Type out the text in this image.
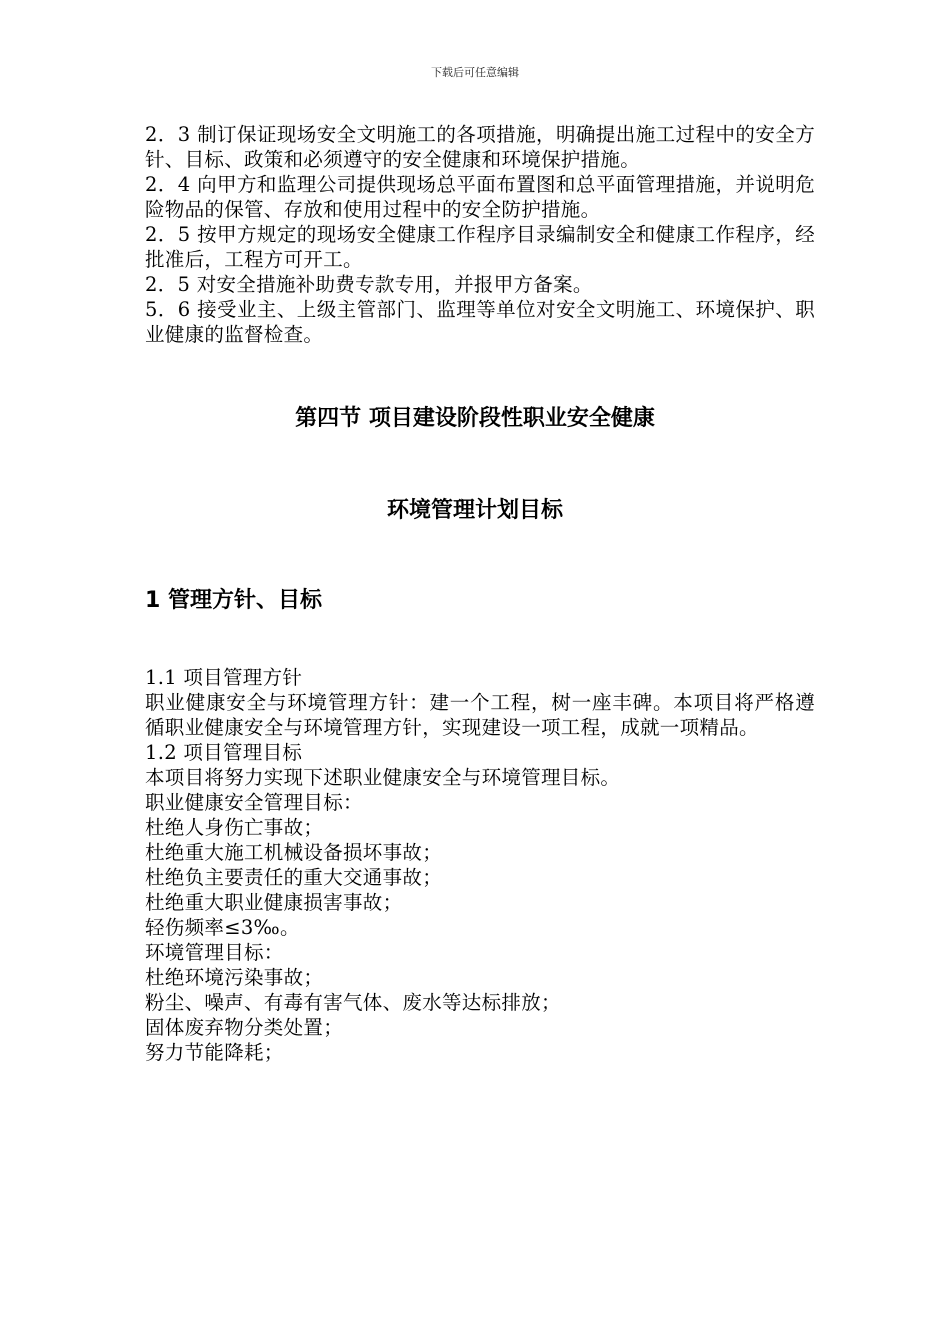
下载后可任意编辑

2．3 制订保证现场安全文明施工的各项措施，明确提出施工过程中的安全方针、目标、政策和必须遵守的安全健康和环境保护措施。

2．4 向甲方和监理公司提供现场总平面布置图和总平面管理措施，并说明危险物品的保管、存放和使用过程中的安全防护措施。

2．5 按甲方规定的现场安全健康工作程序目录编制安全和健康工作程序，经批准后，工程方可开工。

2．5 对安全措施补助费专款专用，并报甲方备案。

5．6 接受业主、上级主管部门、监理等单位对安全文明施工、环境保护、职业健康的监督检查。

第四节 项目建设阶段性职业安全健康
环境管理计划目标
1 管理方针、目标

1.1 项目管理方针

职业健康安全与环境管理方针：建一个工程，树一座丰碑。本项目将严格遵循职业健康安全与环境管理方针，实现建设一项工程，成就一项精品。

1.2 项目管理目标

本项目将努力实现下述职业健康安全与环境管理目标。

职业健康安全管理目标：

杜绝人身伤亡事故；

杜绝重大施工机械设备损坏事故；

杜绝负主要责任的重大交通事故；

杜绝重大职业健康损害事故；

轻伤频率≤3‰。

环境管理目标：

杜绝环境污染事故；

粉尘、噪声、有毒有害气体、废水等达标排放；

固体废弃物分类处置；

努力节能降耗；
